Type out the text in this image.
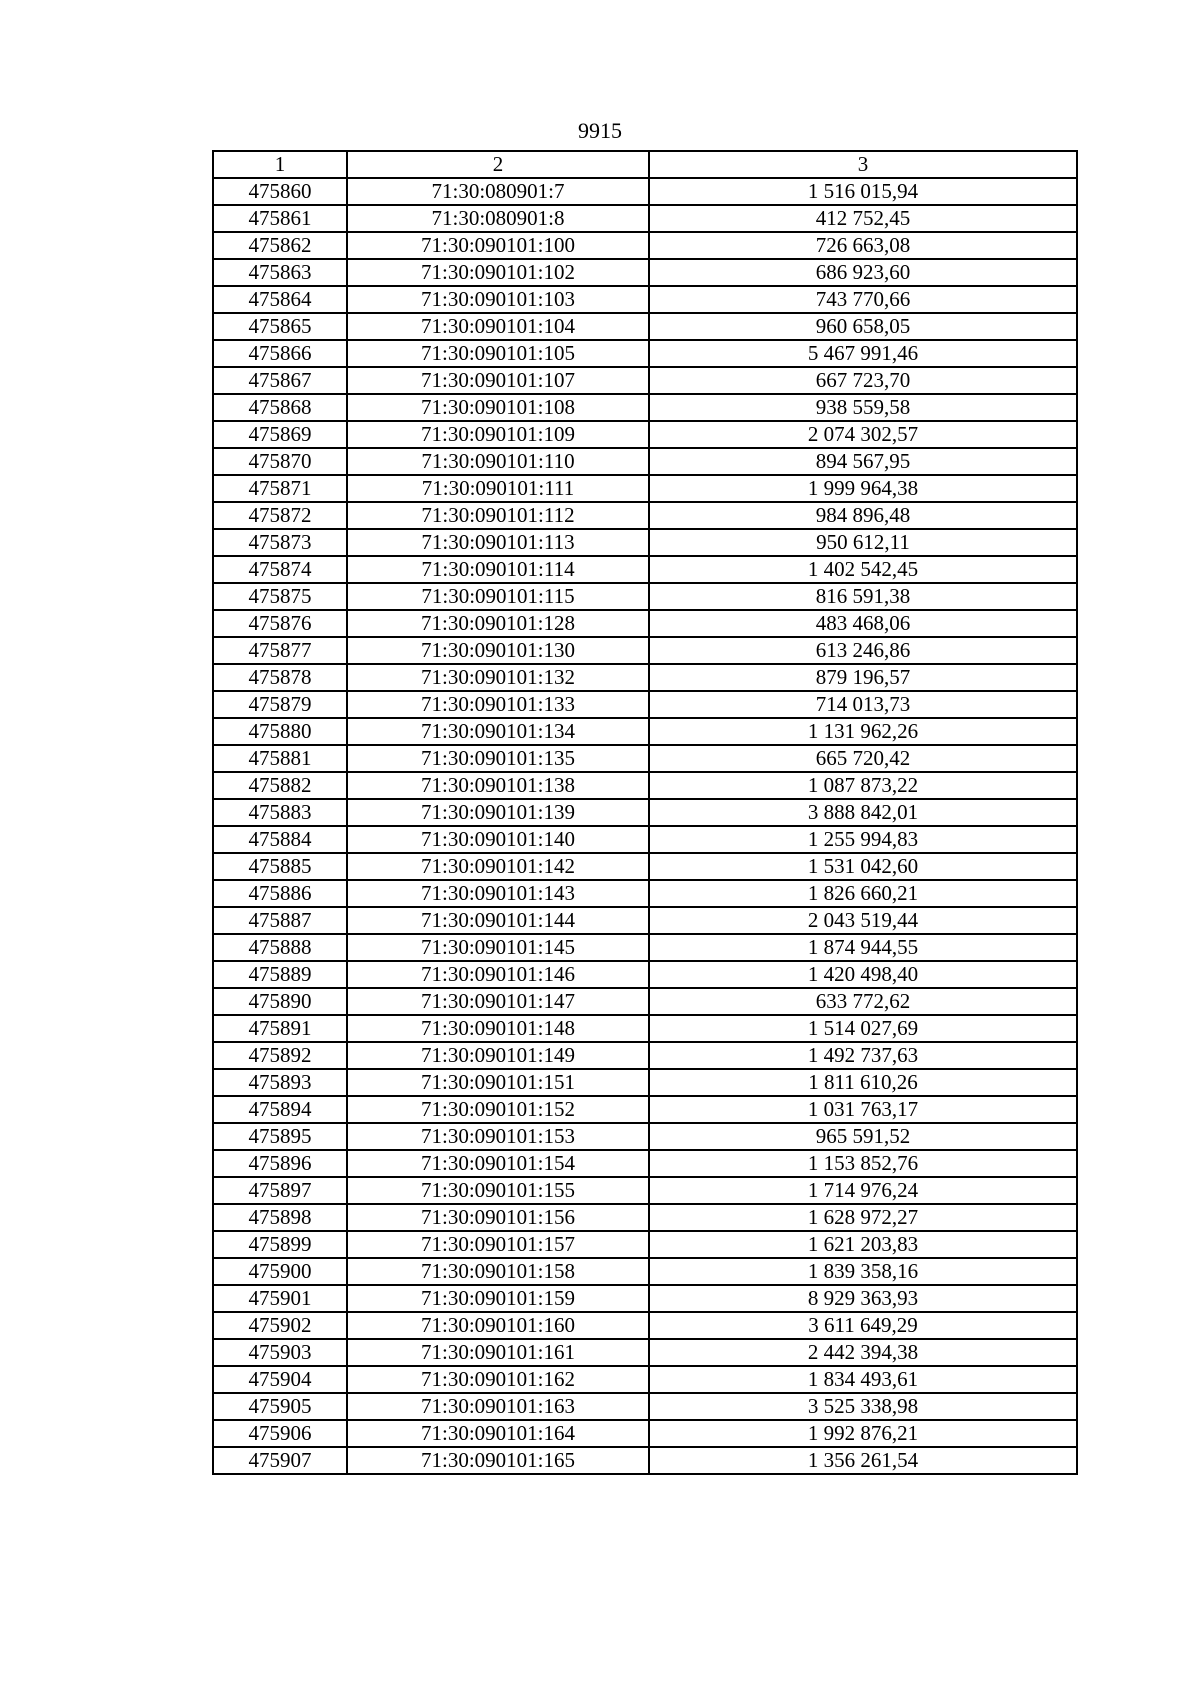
9915
1	2	3
475860	71:30:080901:7	1 516 015,94
475861	71:30:080901:8	412 752,45
475862	71:30:090101:100	726 663,08
475863	71:30:090101:102	686 923,60
475864	71:30:090101:103	743 770,66
475865	71:30:090101:104	960 658,05
475866	71:30:090101:105	5 467 991,46
475867	71:30:090101:107	667 723,70
475868	71:30:090101:108	938 559,58
475869	71:30:090101:109	2 074 302,57
475870	71:30:090101:110	894 567,95
475871	71:30:090101:111	1 999 964,38
475872	71:30:090101:112	984 896,48
475873	71:30:090101:113	950 612,11
475874	71:30:090101:114	1 402 542,45
475875	71:30:090101:115	816 591,38
475876	71:30:090101:128	483 468,06
475877	71:30:090101:130	613 246,86
475878	71:30:090101:132	879 196,57
475879	71:30:090101:133	714 013,73
475880	71:30:090101:134	1 131 962,26
475881	71:30:090101:135	665 720,42
475882	71:30:090101:138	1 087 873,22
475883	71:30:090101:139	3 888 842,01
475884	71:30:090101:140	1 255 994,83
475885	71:30:090101:142	1 531 042,60
475886	71:30:090101:143	1 826 660,21
475887	71:30:090101:144	2 043 519,44
475888	71:30:090101:145	1 874 944,55
475889	71:30:090101:146	1 420 498,40
475890	71:30:090101:147	633 772,62
475891	71:30:090101:148	1 514 027,69
475892	71:30:090101:149	1 492 737,63
475893	71:30:090101:151	1 811 610,26
475894	71:30:090101:152	1 031 763,17
475895	71:30:090101:153	965 591,52
475896	71:30:090101:154	1 153 852,76
475897	71:30:090101:155	1 714 976,24
475898	71:30:090101:156	1 628 972,27
475899	71:30:090101:157	1 621 203,83
475900	71:30:090101:158	1 839 358,16
475901	71:30:090101:159	8 929 363,93
475902	71:30:090101:160	3 611 649,29
475903	71:30:090101:161	2 442 394,38
475904	71:30:090101:162	1 834 493,61
475905	71:30:090101:163	3 525 338,98
475906	71:30:090101:164	1 992 876,21
475907	71:30:090101:165	1 356 261,54
